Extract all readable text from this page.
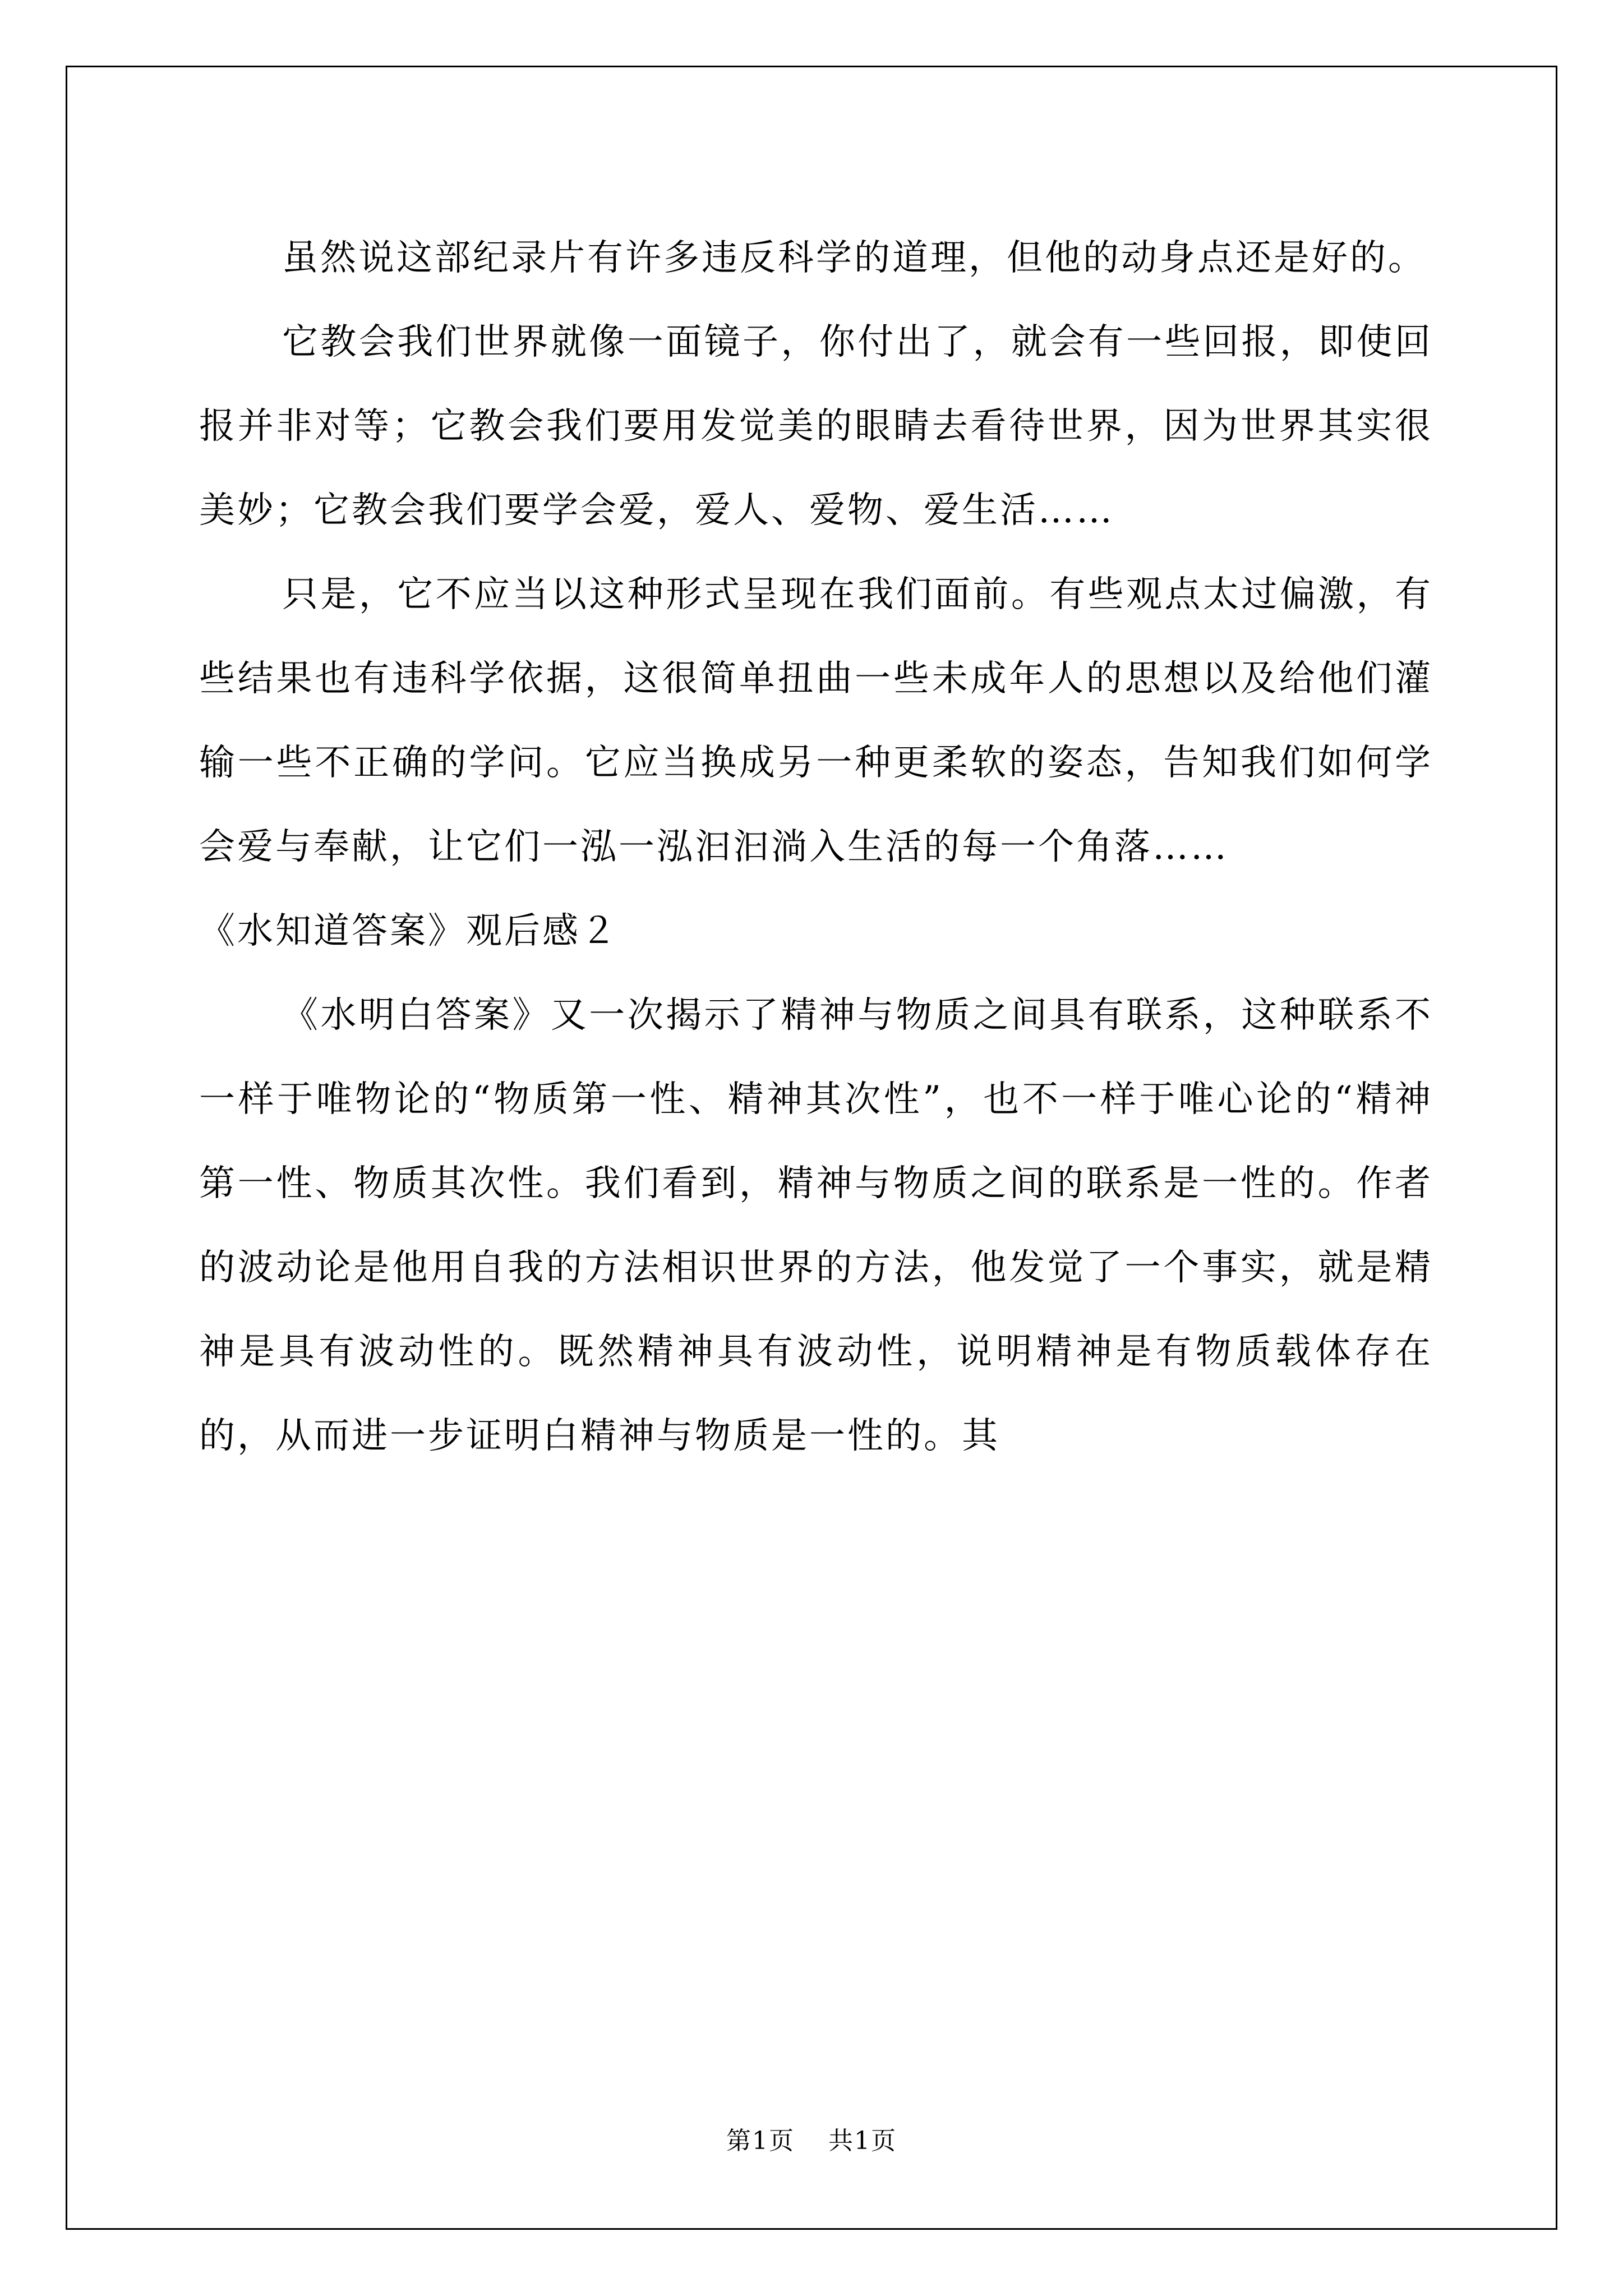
虽然说这部纪录片有许多违反科学的道理，但他的动身点还是好的。

它教会我们世界就像一面镜子，你付出了，就会有一些回报，即使回报并非对等；它教会我们要用发觉美的眼睛去看待世界，因为世界其实很美妙；它教会我们要学会爱，爱人、爱物、爱生活……

只是，它不应当以这种形式呈现在我们面前。有些观点太过偏激，有些结果也有违科学依据，这很简单扭曲一些未成年人的思想以及给他们灌输一些不正确的学问。它应当换成另一种更柔软的姿态，告知我们如何学会爱与奉献，让它们一泓一泓汩汩淌入生活的每一个角落……

《水知道答案》观后感２

《水明白答案》又一次揭示了精神与物质之间具有联系，这种联系不一样于唯物论的“物质第一性、精神其次性”，也不一样于唯心论的“精神第一性、物质其次性。我们看到，精神与物质之间的联系是一性的。作者的波动论是他用自我的方法相识世界的方法，他发觉了一个事实，就是精神是具有波动性的。既然精神具有波动性，说明精神是有物质载体存在的，从而进一步证明白精神与物质是一性的。其

第1页 共1页
